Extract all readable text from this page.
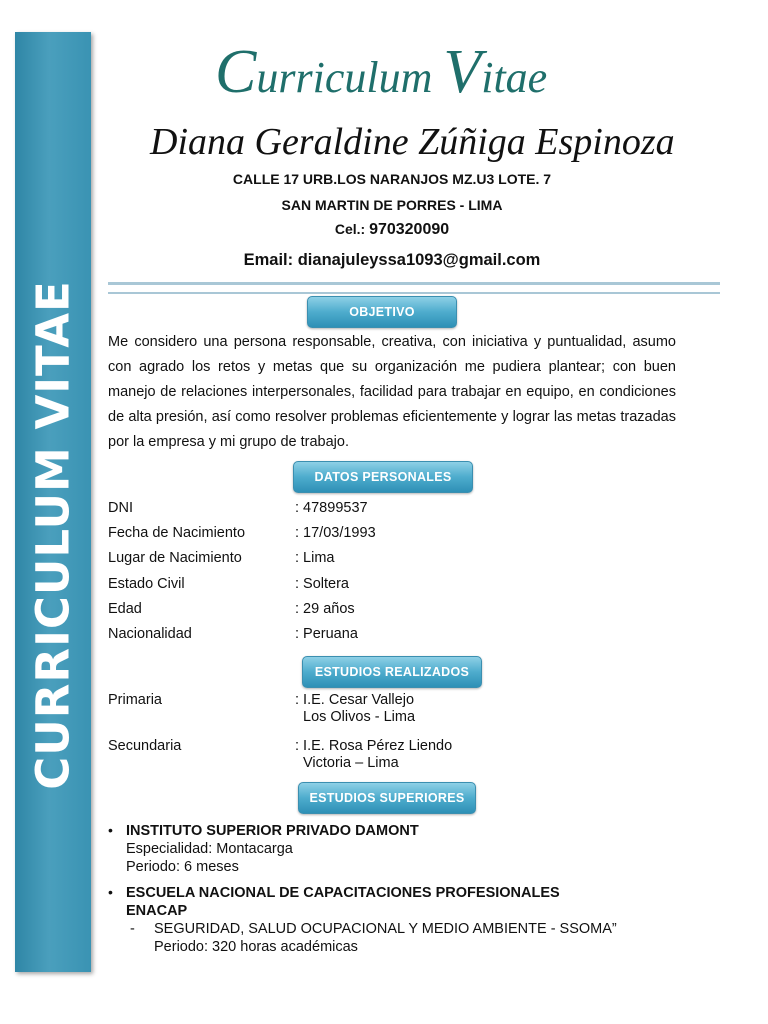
CURRICULUM VITAE
Curriculum Vitae
Diana Geraldine Zúñiga Espinoza
CALLE 17 URB.LOS NARANJOS MZ.U3 LOTE. 7
SAN MARTIN DE PORRES - LIMA
Cel.: 970320090
Email: dianajuleyssa1093@gmail.com
OBJETIVO
Me considero una persona responsable, creativa, con iniciativa y puntualidad, asumo con agrado los retos y metas que su organización me pudiera plantear; con buen manejo de relaciones interpersonales, facilidad para trabajar en equipo, en condiciones de alta presión, así como resolver problemas eficientemente y lograr las metas trazadas por la empresa y mi grupo de trabajo.
DATOS PERSONALES
DNI	: 47899537
Fecha de Nacimiento	: 17/03/1993
Lugar de Nacimiento	: Lima
Estado Civil	: Soltera
Edad	: 29 años
Nacionalidad	: Peruana
ESTUDIOS REALIZADOS
Primaria	: I.E. Cesar Vallejo
Los Olivos - Lima
Secundaria	: I.E. Rosa Pérez Liendo
Victoria – Lima
ESTUDIOS SUPERIORES
• INSTITUTO SUPERIOR PRIVADO DAMONT
Especialidad: Montacarga
Periodo: 6 meses
• ESCUELA NACIONAL DE CAPACITACIONES PROFESIONALES
ENACAP
- SEGURIDAD, SALUD OCUPACIONAL Y MEDIO AMBIENTE - SSOMA”
Periodo: 320 horas académicas
